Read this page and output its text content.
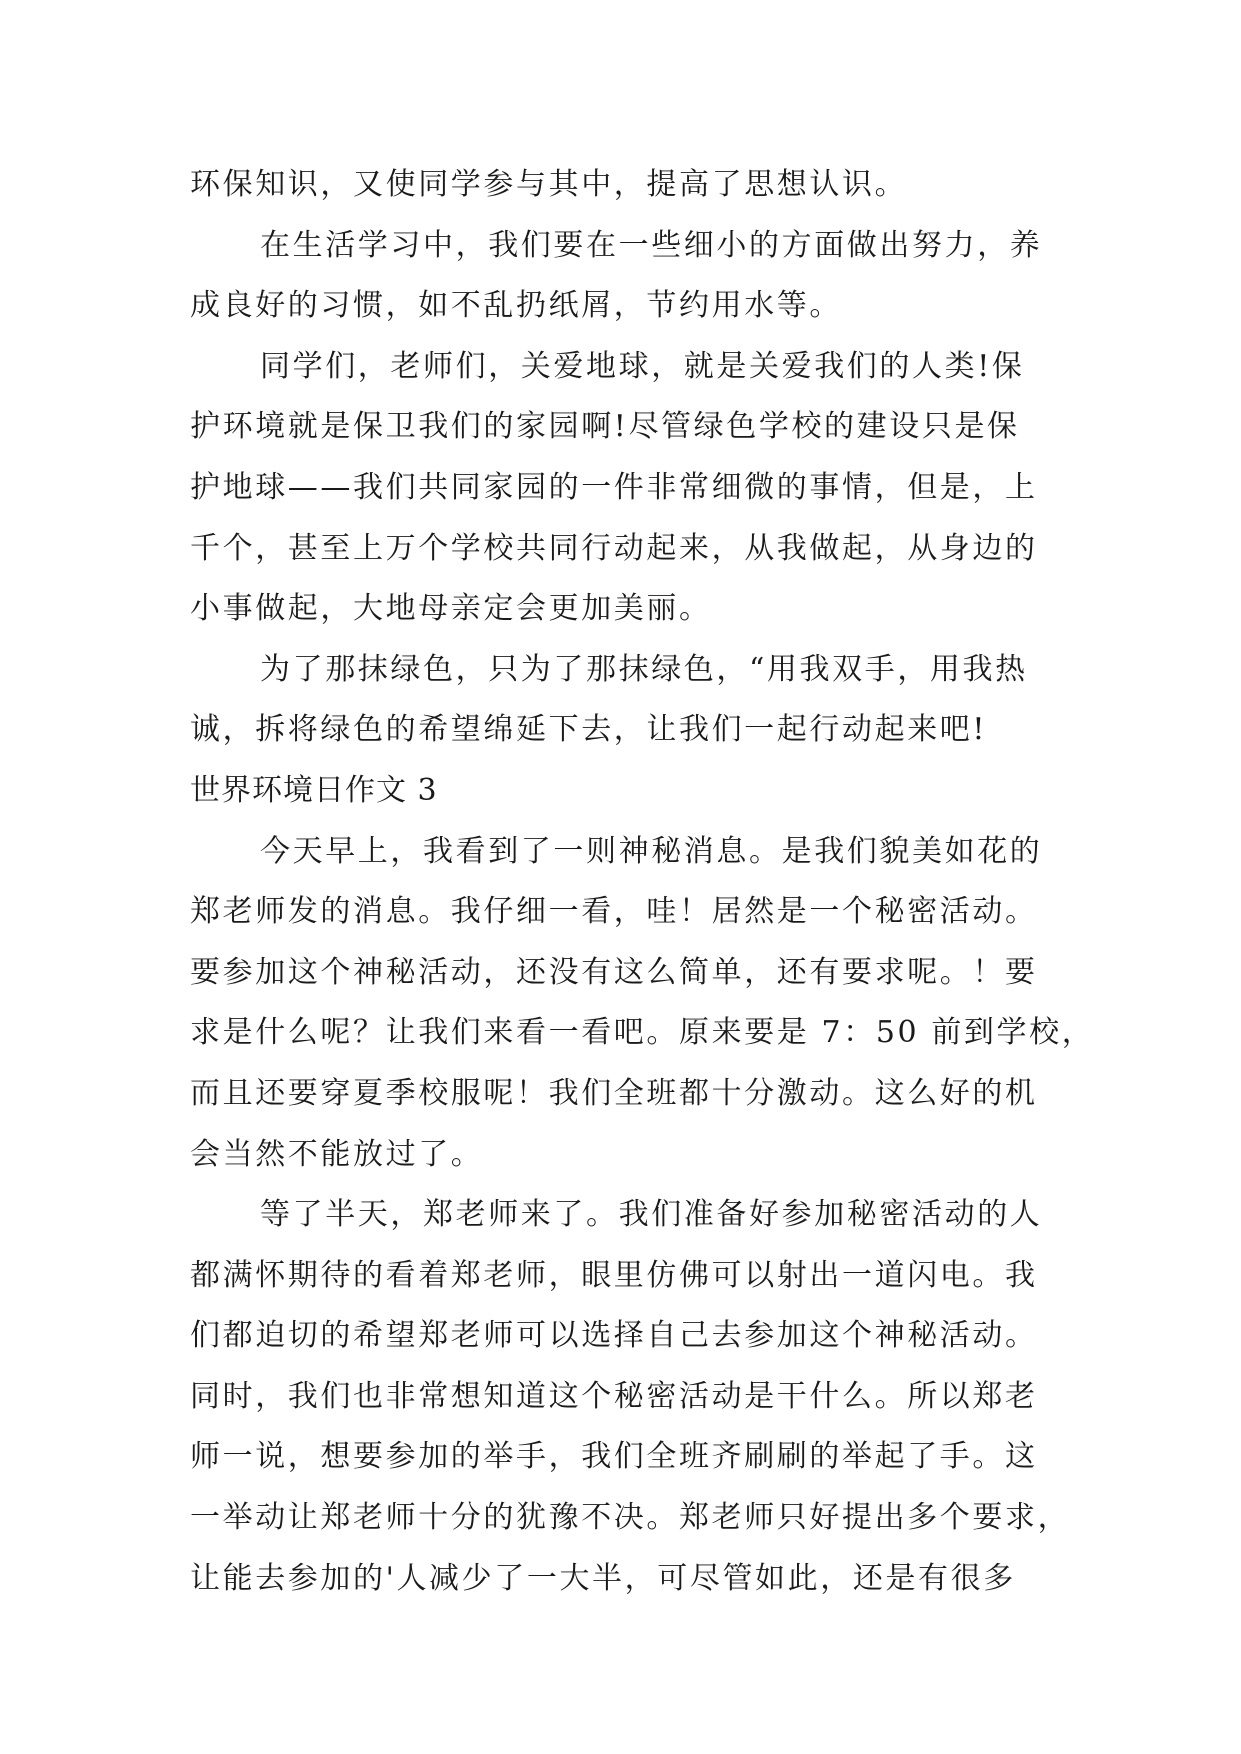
环保知识，又使同学参与其中，提高了思想认识。
在生活学习中，我们要在一些细小的方面做出努力，养
成良好的习惯，如不乱扔纸屑，节约用水等。
同学们，老师们，关爱地球，就是关爱我们的人类!保
护环境就是保卫我们的家园啊!尽管绿色学校的建设只是保
护地球——我们共同家园的一件非常细微的事情，但是，上
千个，甚至上万个学校共同行动起来，从我做起，从身边的
小事做起，大地母亲定会更加美丽。
为了那抹绿色，只为了那抹绿色，“用我双手，用我热
诚，拆将绿色的希望绵延下去，让我们一起行动起来吧!
世界环境日作文 3
今天早上，我看到了一则神秘消息。是我们貌美如花的
郑老师发的消息。我仔细一看，哇！居然是一个秘密活动。
要参加这个神秘活动，还没有这么简单，还有要求呢。！要
求是什么呢？让我们来看一看吧。原来要是 7：50 前到学校，
而且还要穿夏季校服呢！我们全班都十分激动。这么好的机
会当然不能放过了。
等了半天，郑老师来了。我们准备好参加秘密活动的人
都满怀期待的看着郑老师，眼里仿佛可以射出一道闪电。我
们都迫切的希望郑老师可以选择自己去参加这个神秘活动。
同时，我们也非常想知道这个秘密活动是干什么。所以郑老
师一说，想要参加的举手，我们全班齐刷刷的举起了手。这
一举动让郑老师十分的犹豫不决。郑老师只好提出多个要求，
让能去参加的'人减少了一大半，可尽管如此，还是有很多
